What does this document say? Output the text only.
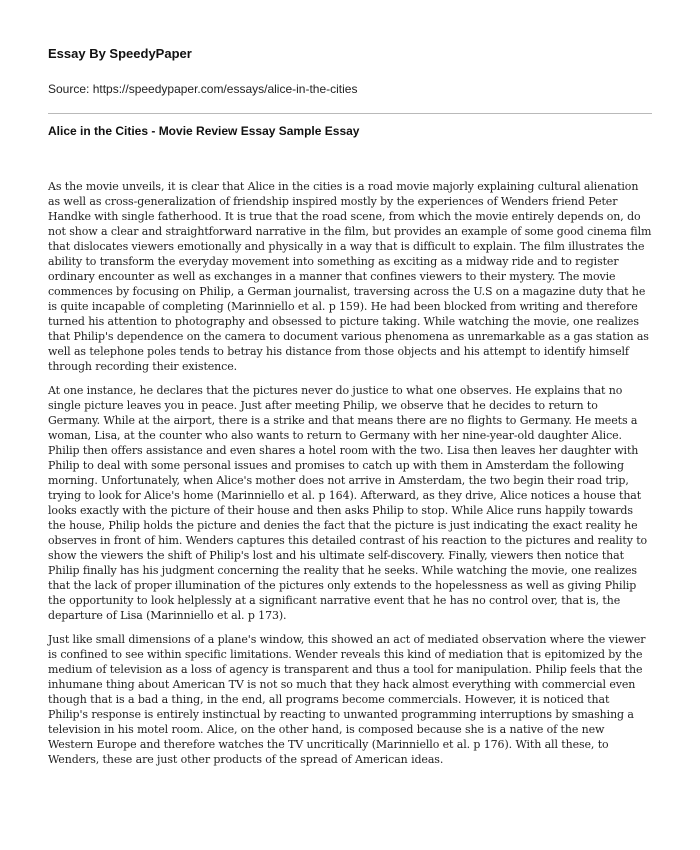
Essay By SpeedyPaper

Source: https://speedypaper.com/essays/alice-in-the-cities

Alice in the Cities - Movie Review Essay Sample Essay

As the movie unveils, it is clear that Alice in the cities is a road movie majorly explaining cultural alienation as well as cross-generalization of friendship inspired mostly by the experiences of Wenders friend Peter Handke with single fatherhood. It is true that the road scene, from which the movie entirely depends on, do not show a clear and straightforward narrative in the film, but provides an example of some good cinema film that dislocates viewers emotionally and physically in a way that is difficult to explain. The film illustrates the ability to transform the everyday movement into something as exciting as a midway ride and to register ordinary encounter as well as exchanges in a manner that confines viewers to their mystery. The movie commences by focusing on Philip, a German journalist, traversing across the U.S on a magazine duty that he is quite incapable of completing (Marinniello et al. p 159). He had been blocked from writing and therefore turned his attention to photography and obsessed to picture taking. While watching the movie, one realizes that Philip's dependence on the camera to document various phenomena as unremarkable as a gas station as well as telephone poles tends to betray his distance from those objects and his attempt to identify himself through recording their existence.

At one instance, he declares that the pictures never do justice to what one observes. He explains that no single picture leaves you in peace. Just after meeting Philip, we observe that he decides to return to Germany. While at the airport, there is a strike and that means there are no flights to Germany. He meets a woman, Lisa, at the counter who also wants to return to Germany with her nine-year-old daughter Alice. Philip then offers assistance and even shares a hotel room with the two. Lisa then leaves her daughter with Philip to deal with some personal issues and promises to catch up with them in Amsterdam the following morning. Unfortunately, when Alice's mother does not arrive in Amsterdam, the two begin their road trip, trying to look for Alice's home (Marinniello et al. p 164). Afterward, as they drive, Alice notices a house that looks exactly with the picture of their house and then asks Philip to stop. While Alice runs happily towards the house, Philip holds the picture and denies the fact that the picture is just indicating the exact reality he observes in front of him. Wenders captures this detailed contrast of his reaction to the pictures and reality to show the viewers the shift of Philip's lost and his ultimate self-discovery. Finally, viewers then notice that Philip finally has his judgment concerning the reality that he seeks. While watching the movie, one realizes that the lack of proper illumination of the pictures only extends to the hopelessness as well as giving Philip the opportunity to look helplessly at a significant narrative event that he has no control over, that is, the departure of Lisa (Marinniello et al. p 173).

Just like small dimensions of a plane's window, this showed an act of mediated observation where the viewer is confined to see within specific limitations. Wender reveals this kind of mediation that is epitomized by the medium of television as a loss of agency is transparent and thus a tool for manipulation. Philip feels that the inhumane thing about American TV is not so much that they hack almost everything with commercial even though that is a bad a thing, in the end, all programs become commercials. However, it is noticed that Philip's response is entirely instinctual by reacting to unwanted programming interruptions by smashing a television in his motel room. Alice, on the other hand, is composed because she is a native of the new Western Europe and therefore watches the TV uncritically (Marinniello et al. p 176). With all these, to Wenders, these are just other products of the spread of American ideas.
